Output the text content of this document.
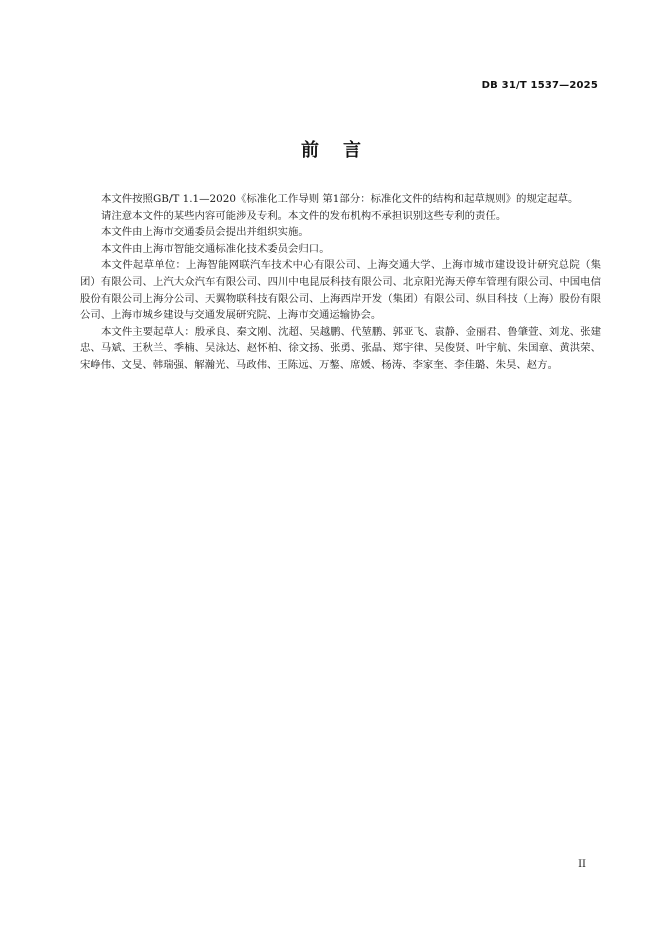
DB 31/T 1537—2025
前言

本文件按照GB/T 1.1—2020《标准化工作导则 第1部分：标准化文件的结构和起草规则》的规定起草。

请注意本文件的某些内容可能涉及专利。本文件的发布机构不承担识别这些专利的责任。

本文件由上海市交通委员会提出并组织实施。

本文件由上海市智能交通标准化技术委员会归口。

本文件起草单位：上海智能网联汽车技术中心有限公司、上海交通大学、上海市城市建设设计研究总院（集团）有限公司、上汽大众汽车有限公司、四川中电昆辰科技有限公司、北京阳光海天停车管理有限公司、中国电信股份有限公司上海分公司、天翼物联科技有限公司、上海西岸开发（集团）有限公司、纵目科技（上海）股份有限公司、上海市城乡建设与交通发展研究院、上海市交通运输协会。

本文件主要起草人：殷承良、秦文刚、沈超、吴越鹏、代堃鹏、郭亚飞、袁静、金丽君、鲁肇萱、刘龙、张建忠、马斌、王秋兰、季楠、吴泳达、赵怀柏、徐文扬、张勇、张晶、郑宇律、吴俊贤、叶宇航、朱国章、黄洪荣、宋峥伟、文旻、韩瑞强、解瀚光、马政伟、王陈远、万鏊、席媛、杨涛、李家奎、李佳璐、朱昊、赵方。

II
